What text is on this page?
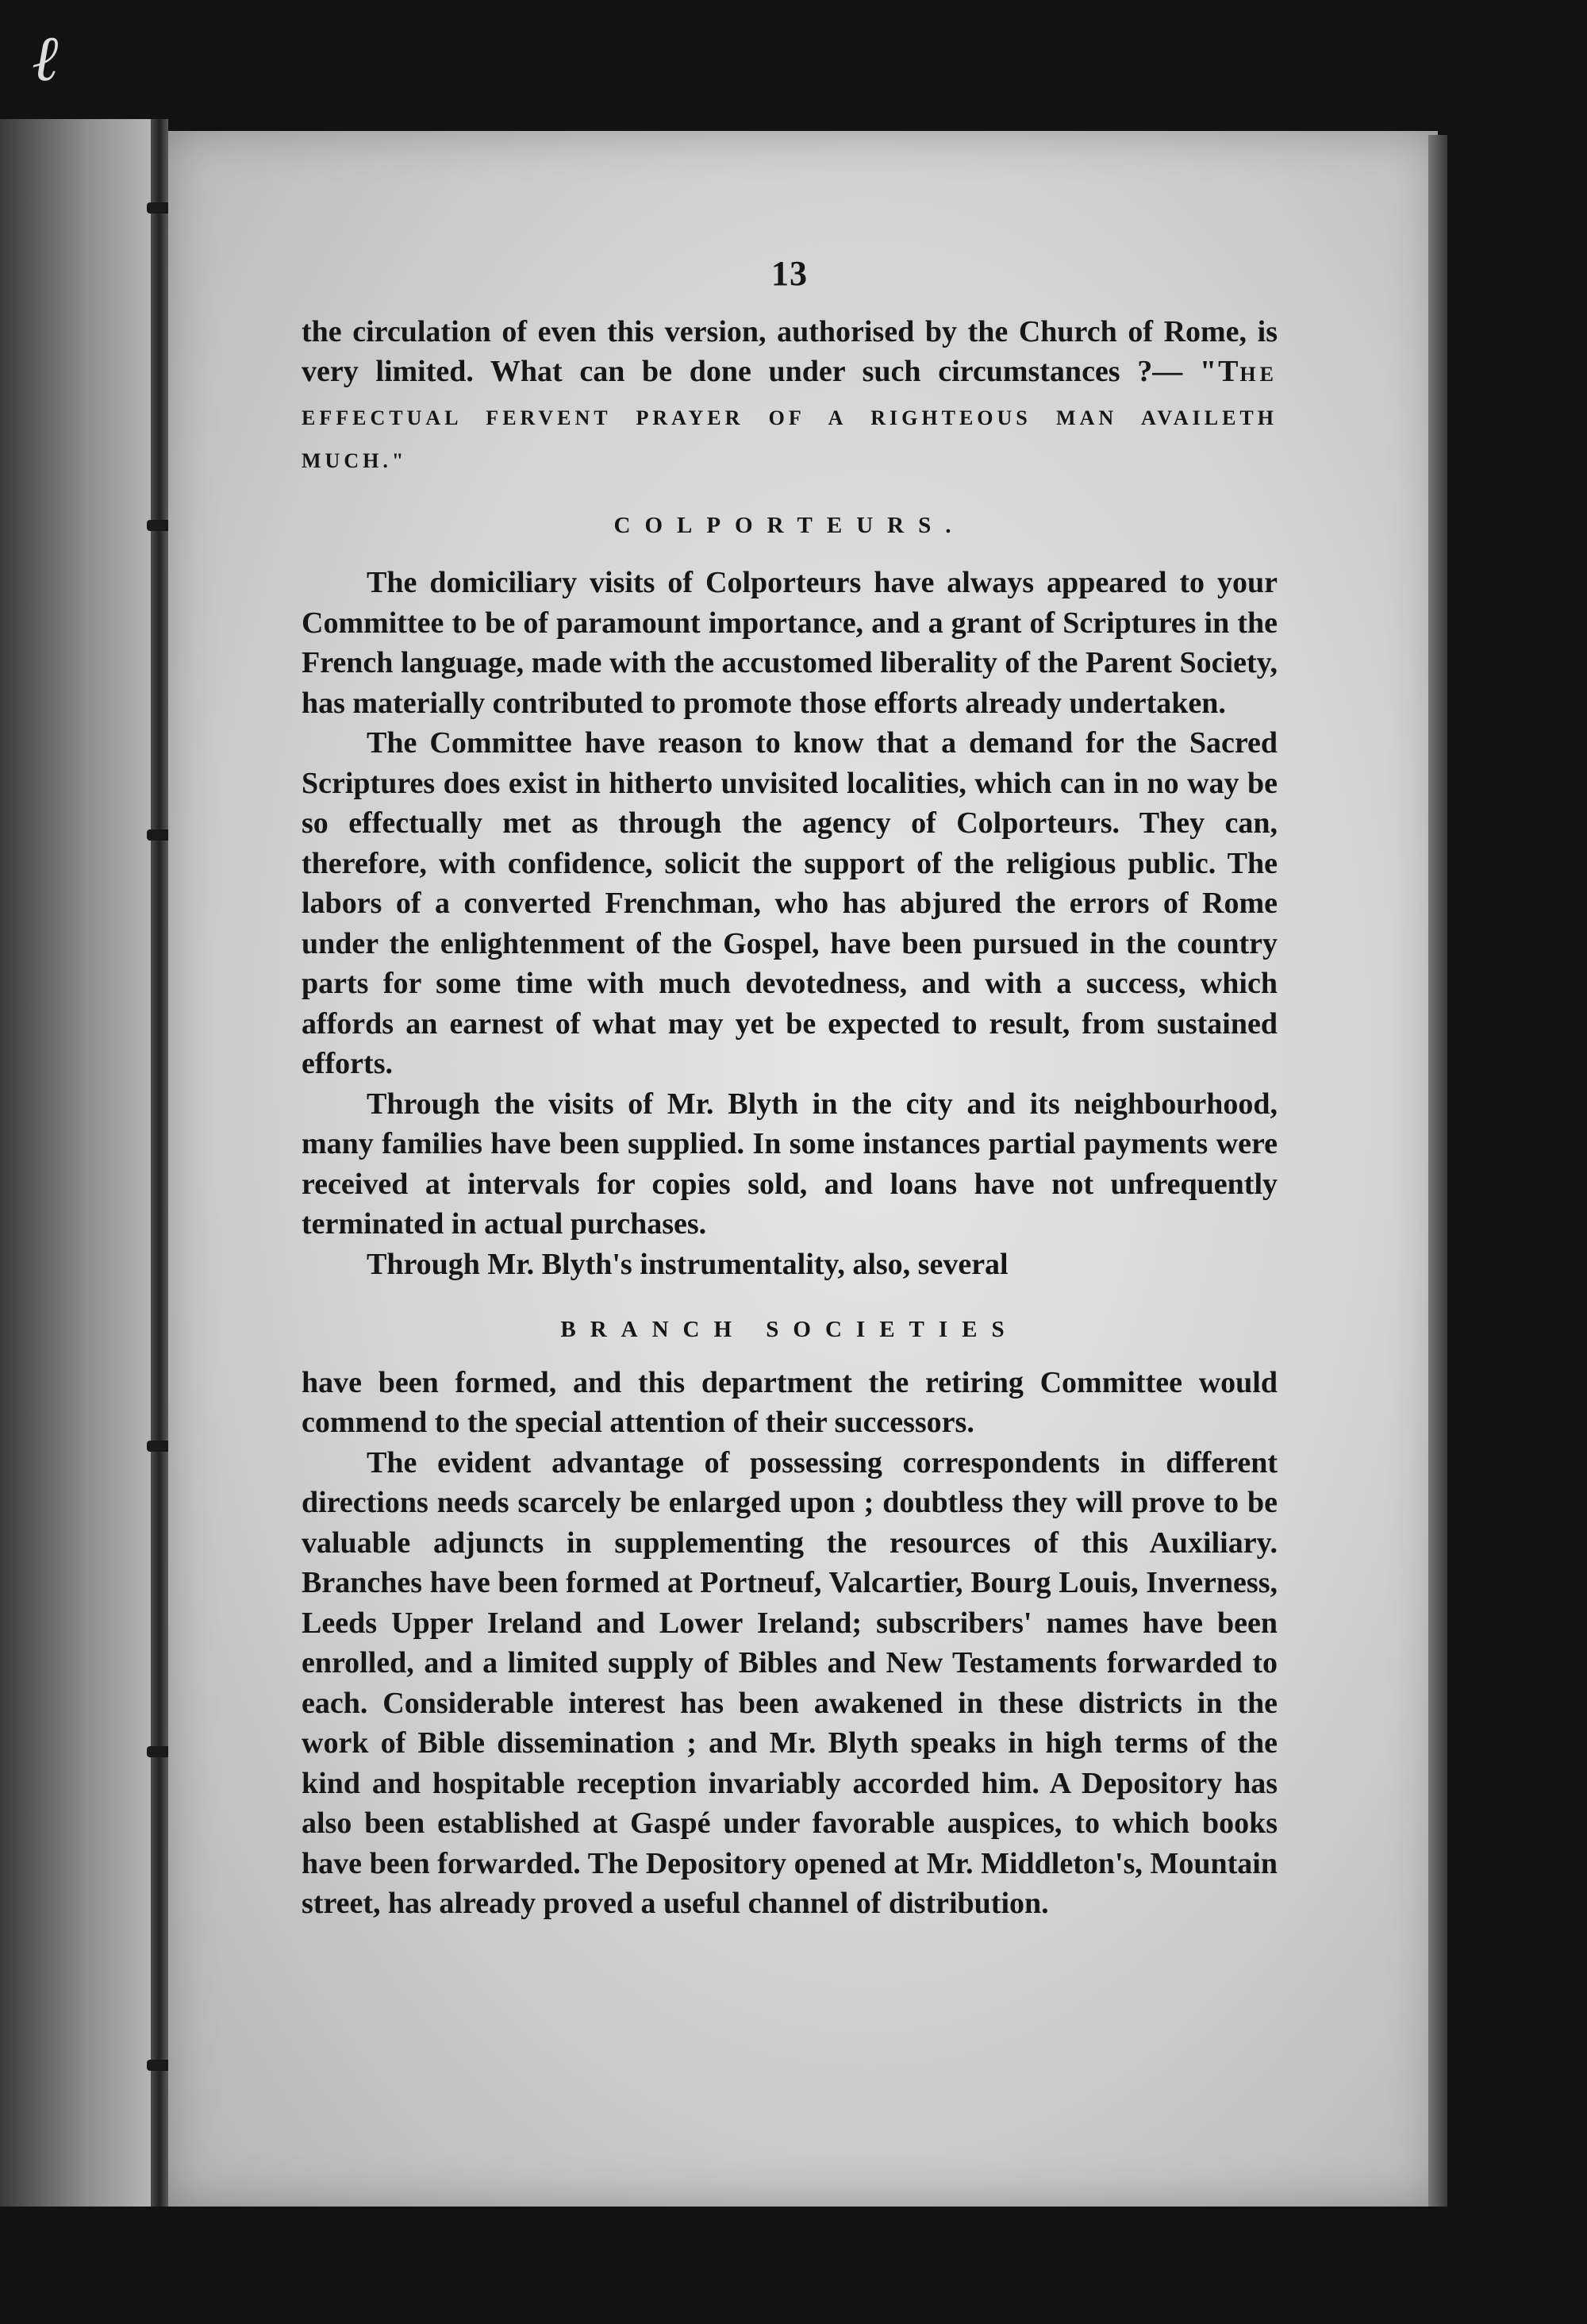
ℓ
13

the circulation of even this version, authorised by the Church of Rome, is very limited. What can be done under such circumstances ?— "THE EFFECTUAL FERVENT PRAYER OF A RIGHTEOUS MAN AVAILETH MUCH."

COLPORTEURS.

The domiciliary visits of Colporteurs have always appeared to your Committee to be of paramount importance, and a grant of Scriptures in the French language, made with the accustomed liberality of the Parent Society, has materially contributed to promote those efforts already undertaken.

The Committee have reason to know that a demand for the Sacred Scriptures does exist in hitherto unvisited localities, which can in no way be so effectually met as through the agency of Colporteurs. They can, therefore, with confidence, solicit the support of the religious public. The labors of a converted Frenchman, who has abjured the errors of Rome under the enlightenment of the Gospel, have been pursued in the country parts for some time with much devotedness, and with a success, which affords an earnest of what may yet be expected to result, from sustained efforts.

Through the visits of Mr. Blyth in the city and its neighbourhood, many families have been supplied. In some instances partial payments were received at intervals for copies sold, and loans have not unfrequently terminated in actual purchases.

Through Mr. Blyth's instrumentality, also, several

BRANCH SOCIETIES

have been formed, and this department the retiring Committee would commend to the special attention of their successors.

The evident advantage of possessing correspondents in different directions needs scarcely be enlarged upon ; doubtless they will prove to be valuable adjuncts in supplementing the resources of this Auxiliary. Branches have been formed at Portneuf, Valcartier, Bourg Louis, Inverness, Leeds Upper Ireland and Lower Ireland; subscribers' names have been enrolled, and a limited supply of Bibles and New Testaments forwarded to each. Considerable interest has been awakened in these districts in the work of Bible dissemination ; and Mr. Blyth speaks in high terms of the kind and hospitable reception invariably accorded him. A Depository has also been established at Gaspé under favorable auspices, to which books have been forwarded. The Depository opened at Mr. Middleton's, Mountain street, has already proved a useful channel of distribution.
